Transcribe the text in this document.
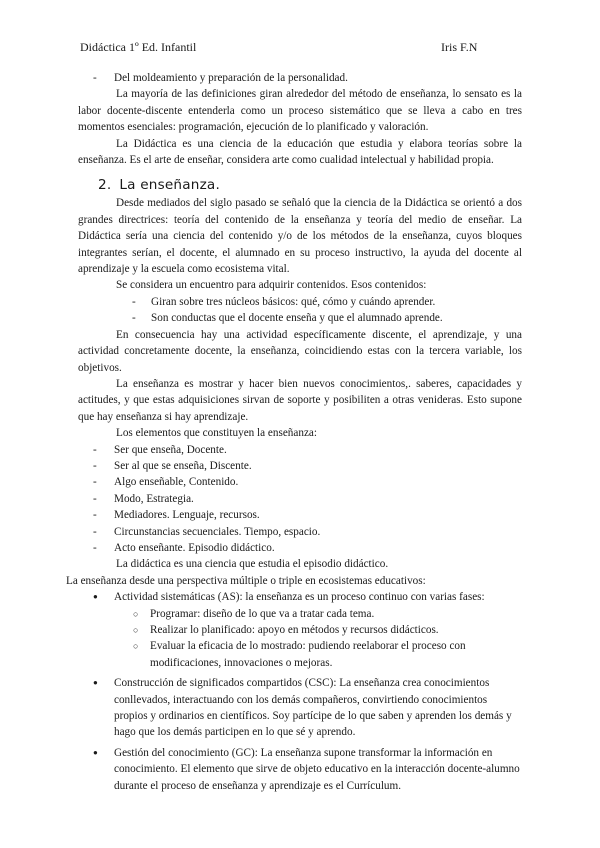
Didáctica 1º Ed. Infantil	Iris F.N

- Del moldeamiento y preparación de la personalidad.

La mayoría de las definiciones giran alrededor del método de enseñanza, lo sensato es la labor docente-discente entenderla como un proceso sistemático que se lleva a cabo en tres momentos esenciales: programación, ejecución de lo planificado y valoración.

La Didáctica es una ciencia de la educación que estudia y elabora teorías sobre la enseñanza. Es el arte de enseñar, considera arte como cualidad intelectual y habilidad propia.

2. La enseñanza.

Desde mediados del siglo pasado se señaló que la ciencia de la Didáctica se orientó a dos grandes directrices: teoría del contenido de la enseñanza y teoría del medio de enseñar. La Didáctica sería una ciencia del contenido y/o de los métodos de la enseñanza, cuyos bloques integrantes serían, el docente, el alumnado en su proceso instructivo, la ayuda del docente al aprendizaje y la escuela como ecosistema vital.

Se considera un encuentro para adquirir contenidos. Esos contenidos:

- Giran sobre tres núcleos básicos: qué, cómo y cuándo aprender.

- Son conductas que el docente enseña y que el alumnado aprende.

En consecuencia hay una actividad específicamente discente, el aprendizaje, y una actividad concretamente docente, la enseñanza, coincidiendo estas con la tercera variable, los objetivos.

La enseñanza es mostrar y hacer bien nuevos conocimientos,. saberes, capacidades y actitudes, y que estas adquisiciones sirvan de soporte y posibiliten a otras venideras. Esto supone que hay enseñanza si hay aprendizaje.

Los elementos que constituyen la enseñanza:

- Ser que enseña, Docente.

- Ser al que se enseña, Discente.

- Algo enseñable, Contenido.

- Modo, Estrategia.

- Mediadores. Lenguaje, recursos.

- Circunstancias secuenciales. Tiempo, espacio.

- Acto enseñante. Episodio didáctico.

La didáctica es una ciencia que estudia el episodio didáctico.

La enseñanza desde una perspectiva múltiple o triple en ecosistemas educativos:

● Actividad sistemáticas (AS): la enseñanza es un proceso continuo con varias fases:

○ Programar: diseño de lo que va a tratar cada tema.

○ Realizar lo planificado: apoyo en métodos y recursos didácticos.

○ Evaluar la eficacia de lo mostrado: pudiendo reelaborar el proceso con modificaciones, innovaciones o mejoras.

● Construcción de significados compartidos (CSC): La enseñanza crea conocimientos conllevados, interactuando con los demás compañeros, convirtiendo conocimientos propios y ordinarios en científicos. Soy partícipe de lo que saben y aprenden los demás y hago que los demás participen en lo que sé y aprendo.

● Gestión del conocimiento (GC): La enseñanza supone transformar la información en conocimiento. El elemento que sirve de objeto educativo en la interacción docente-alumno durante el proceso de enseñanza y aprendizaje es el Currículum.
